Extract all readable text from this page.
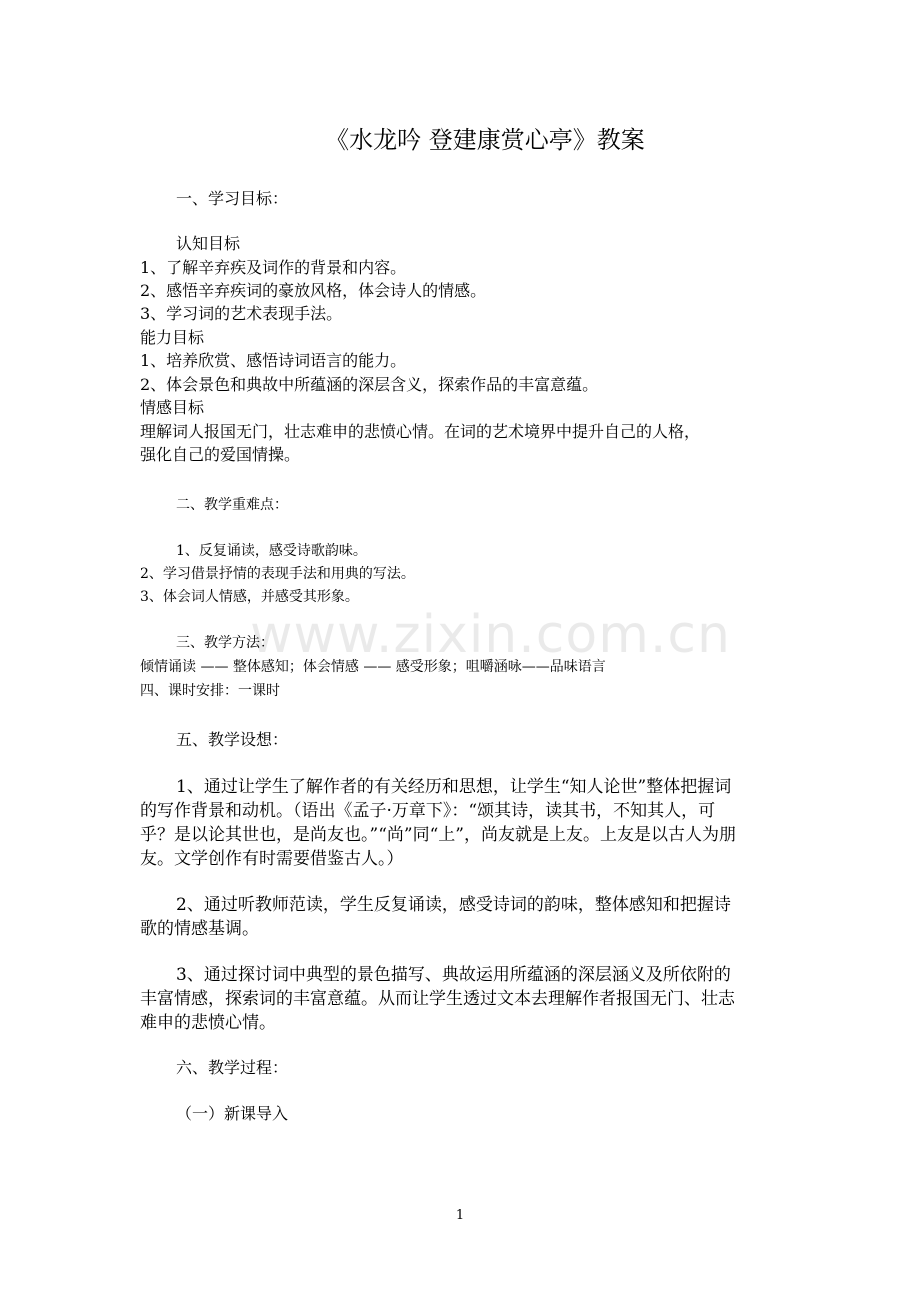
《水龙吟 登建康赏心亭》教案
一、学习目标：
认知目标
1、了解辛弃疾及词作的背景和内容。
2、感悟辛弃疾词的豪放风格，体会诗人的情感。
3、学习词的艺术表现手法。
能力目标
1、培养欣赏、感悟诗词语言的能力。
2、体会景色和典故中所蕴涵的深层含义，探索作品的丰富意蕴。
情感目标
理解词人报国无门，壮志难申的悲愤心情。在词的艺术境界中提升自己的人格，
强化自己的爱国情操。
二、教学重难点：
1、反复诵读，感受诗歌韵味。
2、学习借景抒情的表现手法和用典的写法。
3、体会词人情感，并感受其形象。
www.zixin.com.cn
三、教学方法：
倾情诵读 —— 整体感知；体会情感 —— 感受形象；咀嚼涵咏——品味语言
四、课时安排：一课时
五、教学设想：
1、通过让学生了解作者的有关经历和思想，让学生“知人论世”整体把握词
的写作背景和动机。（语出《孟子·万章下》：“颂其诗，读其书，不知其人，可
乎？是以论其世也，是尚友也。”“尚”同“上”，尚友就是上友。上友是以古人为朋
友。文学创作有时需要借鉴古人。）
2、通过听教师范读，学生反复诵读，感受诗词的韵味，整体感知和把握诗
歌的情感基调。
3、通过探讨词中典型的景色描写、典故运用所蕴涵的深层涵义及所依附的
丰富情感，探索词的丰富意蕴。从而让学生透过文本去理解作者报国无门、壮志
难申的悲愤心情。
六、教学过程：
（一）新课导入
1
